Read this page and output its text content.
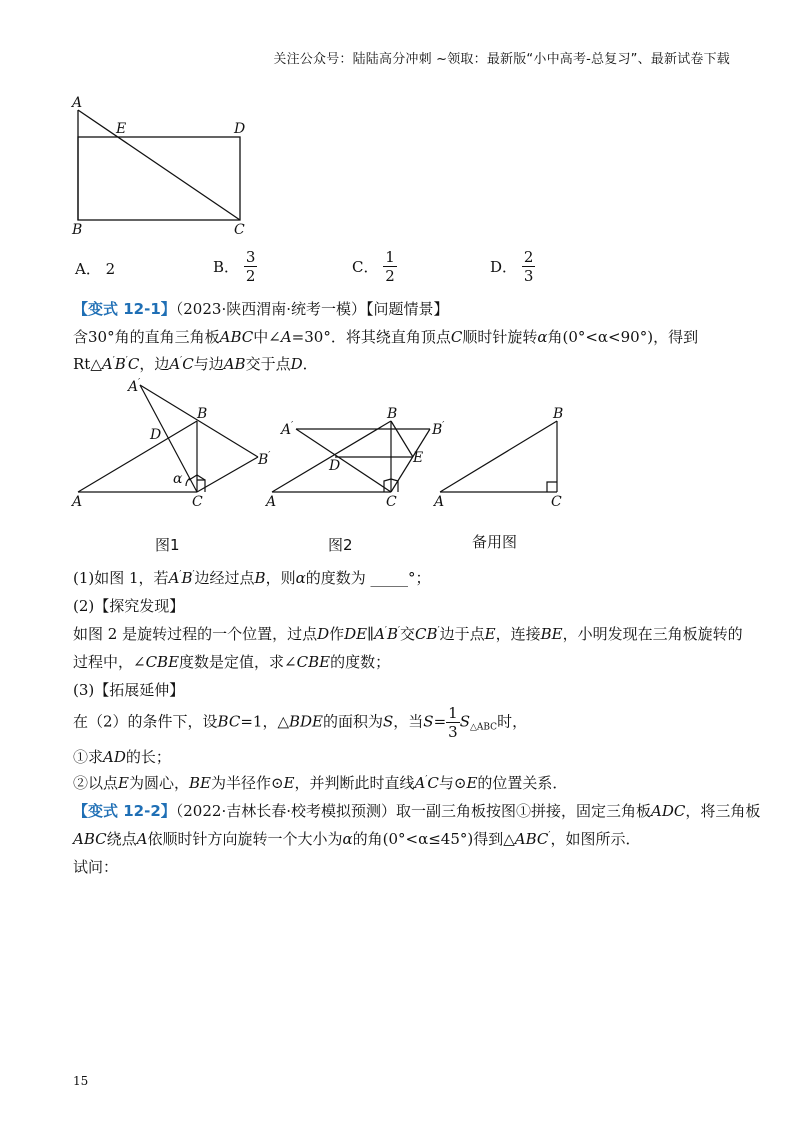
关注公众号：陆陆高分冲刺 ~领取：最新版“小中高考-总复习”、最新试卷下载
A
E	D
B	C
A． 2	B． $\frac{3}{2}$	C． $\frac{1}{2}$	D． $\frac{2}{3}$
【变式 12-1】（2023·陕西渭南·统考一模）【问题情景】
含30°角的直角三角板ABC中∠A=30°．将其绕直角顶点C顺时针旋转α角(0°<α<90°)，得到
Rt△A′B′C，边A′C与边AB交于点D．
A′
B
D
B′
α
A	C
A′
B
B′
D	E
A	C
B
A	C
图1	图2	备用图
(1)如图 1，若A′B′边经过点B，则α的度数为 _____°；
(2)【探究发现】
如图 2 是旋转过程的一个位置，过点D作DE∥A′B′交CB′边于点E，连接BE，小明发现在三角板旋转的
过程中，∠CBE度数是定值，求∠CBE的度数；
(3)【拓展延伸】
在（2）的条件下，设BC=1，△BDE的面积为S，当$S= \frac{1}{3} S_{\triangle ABC}$时，
①求AD的长；
②以点E为圆心，BE为半径作⊙E，并判断此时直线A′C与⊙E的位置关系．
【变式 12-2】（2022·吉林长春·校考模拟预测）取一副三角板按图①拼接，固定三角板ADC，将三角板
ABC绕点A依顺时针方向旋转一个大小为α的角(0°<α≤45°)得到△ABC′，如图所示．
试问：
15
